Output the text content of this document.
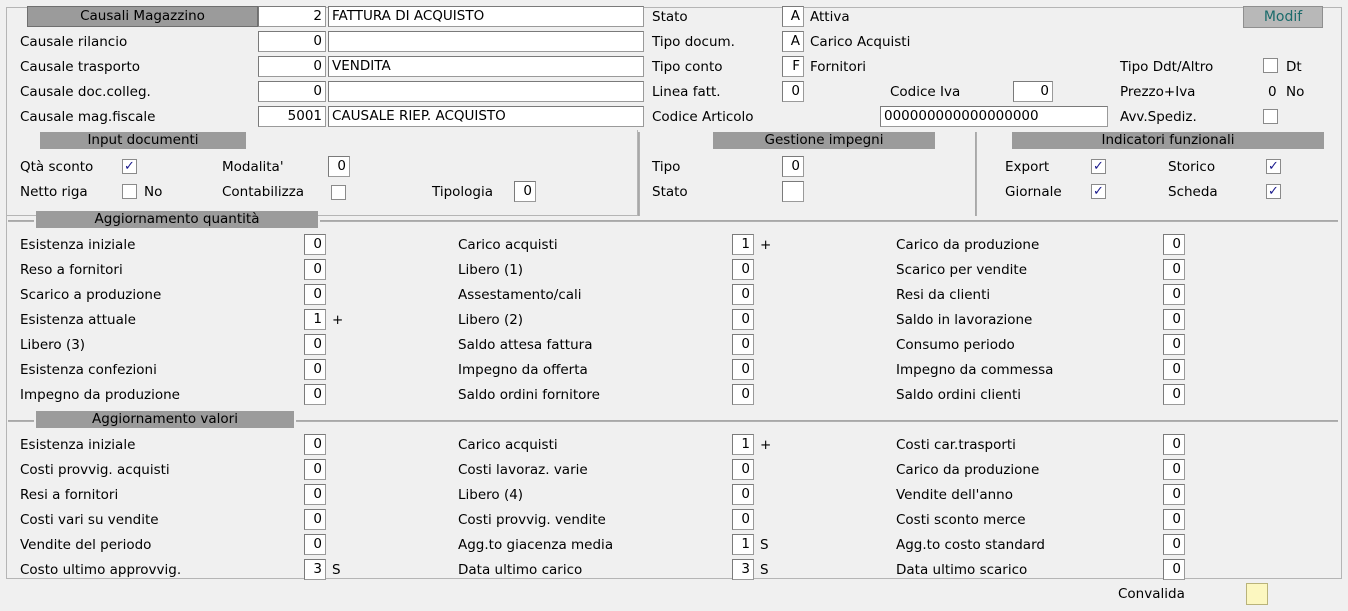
Causali Magazzino	2 FATTURA DI ACQUISTO	Modif
Causale rilancio	0
Causale trasporto	0 VENDITA
Causale doc.colleg.	0
Causale mag.fiscale	5001 CAUSALE RIEP. ACQUISTO
Stato	A Attiva
Tipo docum.	A Carico Acquisti
Tipo conto	F Fornitori
Linea fatt.	0	Codice Iva	0
Codice Articolo	000000000000000000
Tipo Ddt/Altro	Dt
Prezzo+Iva	0 No
Avv.Spediz.
Input documenti	Gestione impegni	Indicatori funzionali
Qtà sconto ✓	Modalita'	0
Netto riga	No	Contabilizza	Tipologia	0
Tipo	0
Stato
Export	✓	Storico	✓
Giornale ✓	Scheda	✓
Aggiornamento quantità
Esistenza iniziale	0
Reso a fornitori	0
Scarico a produzione	0
Esistenza attuale	1 +
Libero (3)	0
Esistenza confezioni	0
Impegno da produzione	0
Carico acquisti	1 +
Libero (1)	0
Assestamento/cali	0
Libero (2)	0
Saldo attesa fattura	0
Impegno da offerta	0
Saldo ordini fornitore	0
Carico da produzione	0
Scarico per vendite	0
Resi da clienti	0
Saldo in lavorazione	0
Consumo periodo	0
Impegno da commessa	0
Saldo ordini clienti	0
Aggiornamento valori
Esistenza iniziale	0
Costi provvig. acquisti	0
Resi a fornitori	0
Costi vari su vendite	0
Vendite del periodo	0
Costo ultimo approvvig.	3 S
Carico acquisti	1 +
Costi lavoraz. varie	0
Libero (4)	0
Costi provvig. vendite	0
Agg.to giacenza media	1 S
Data ultimo carico	3 S
Costi car.trasporti	0
Carico da produzione	0
Vendite dell'anno	0
Costi sconto merce	0
Agg.to costo standard	0
Data ultimo scarico	0
Convalida
